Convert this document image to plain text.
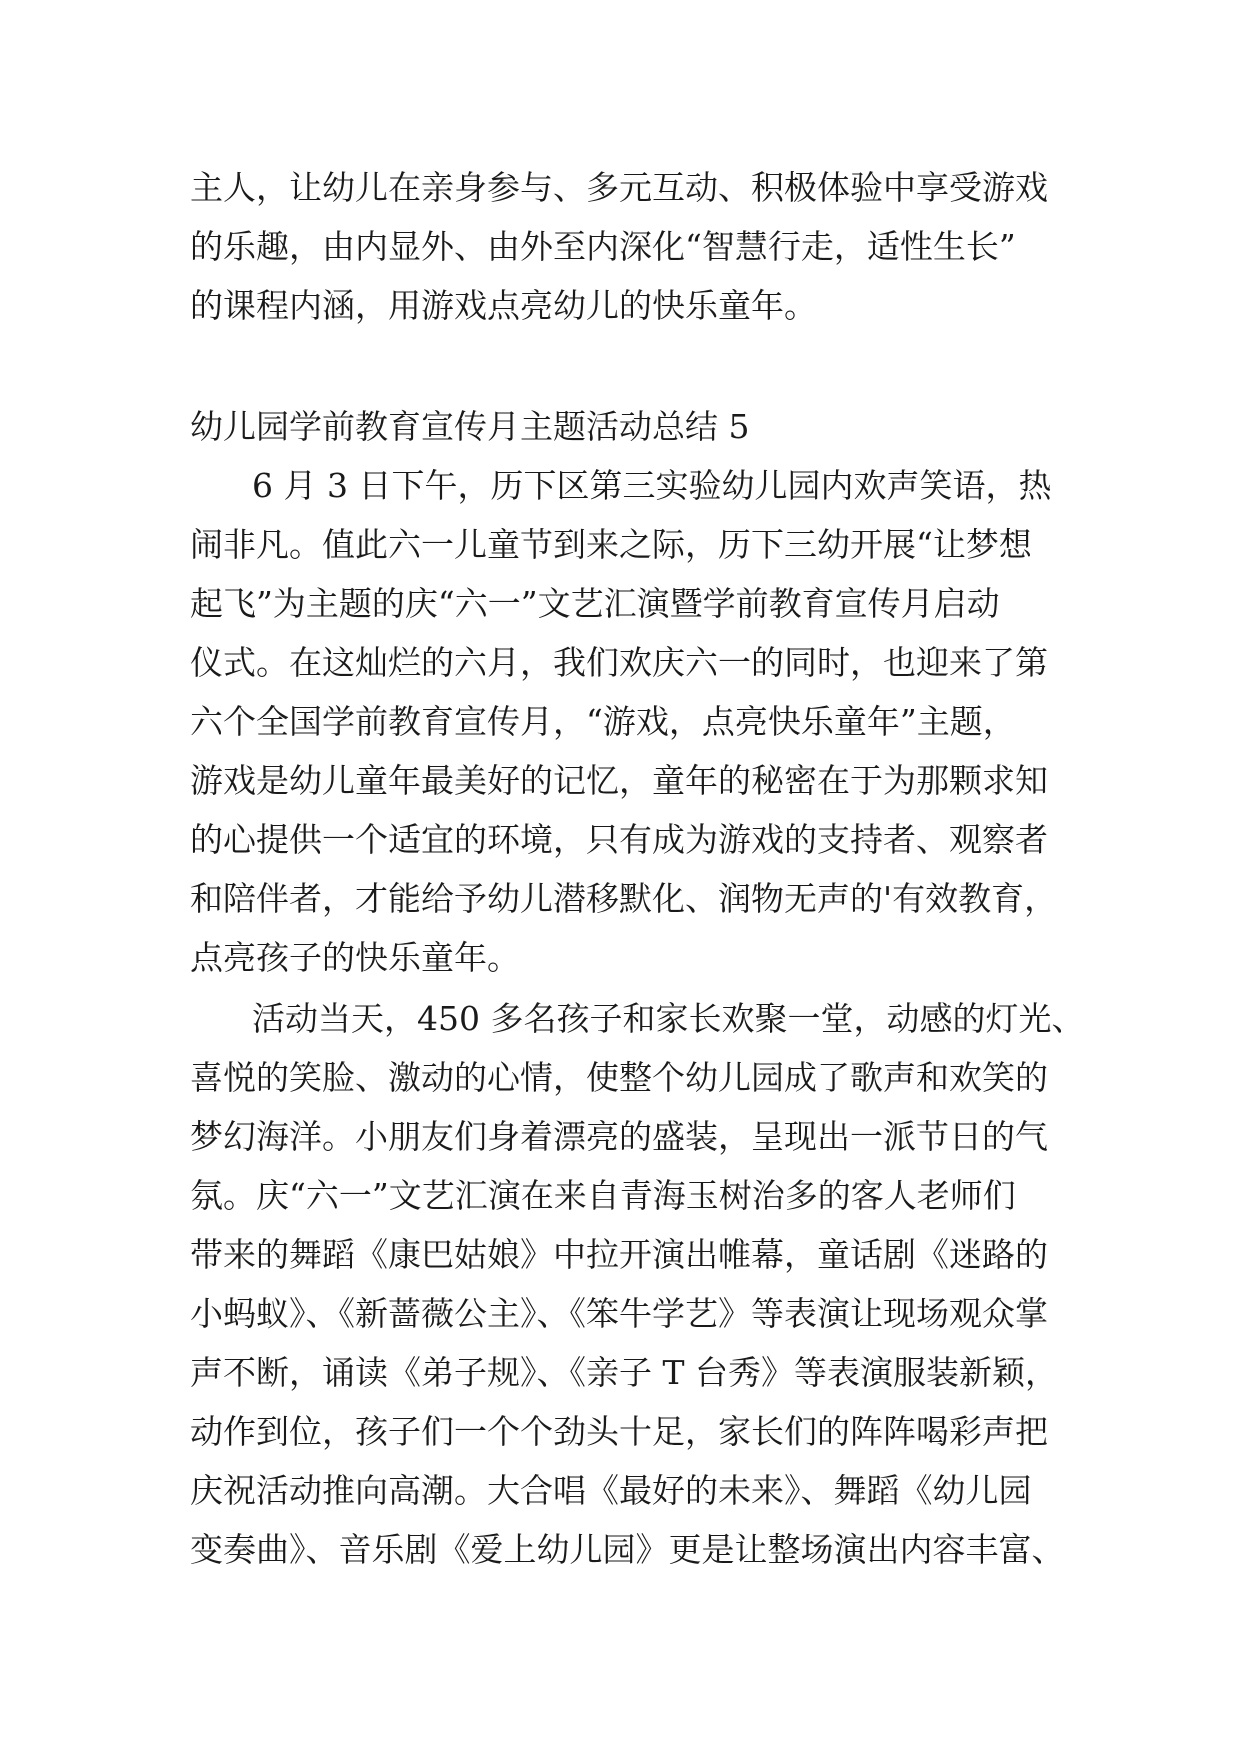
主人，让幼儿在亲身参与、多元互动、积极体验中享受游戏
的乐趣，由内显外、由外至内深化“智慧行走，适性生长”
的课程内涵，用游戏点亮幼儿的快乐童年。
幼儿园学前教育宣传月主题活动总结 5
6 月 3 日下午，历下区第三实验幼儿园内欢声笑语，热
闹非凡。值此六一儿童节到来之际，历下三幼开展“让梦想
起飞”为主题的庆“六一”文艺汇演暨学前教育宣传月启动
仪式。在这灿烂的六月，我们欢庆六一的同时，也迎来了第
六个全国学前教育宣传月，“游戏，点亮快乐童年”主题，
游戏是幼儿童年最美好的记忆，童年的秘密在于为那颗求知
的心提供一个适宜的环境，只有成为游戏的支持者、观察者
和陪伴者，才能给予幼儿潜移默化、润物无声的'有效教育，
点亮孩子的快乐童年。
活动当天，450 多名孩子和家长欢聚一堂，动感的灯光、
喜悦的笑脸、激动的心情，使整个幼儿园成了歌声和欢笑的
梦幻海洋。小朋友们身着漂亮的盛装，呈现出一派节日的气
氛。庆“六一”文艺汇演在来自青海玉树治多的客人老师们
带来的舞蹈《康巴姑娘》中拉开演出帷幕，童话剧《迷路的
小蚂蚁》、《新蔷薇公主》、《笨牛学艺》等表演让现场观众掌
声不断，诵读《弟子规》、《亲子 T 台秀》等表演服装新颖，
动作到位，孩子们一个个劲头十足，家长们的阵阵喝彩声把
庆祝活动推向高潮。大合唱《最好的未来》、舞蹈《幼儿园
变奏曲》、音乐剧《爱上幼儿园》更是让整场演出内容丰富、
